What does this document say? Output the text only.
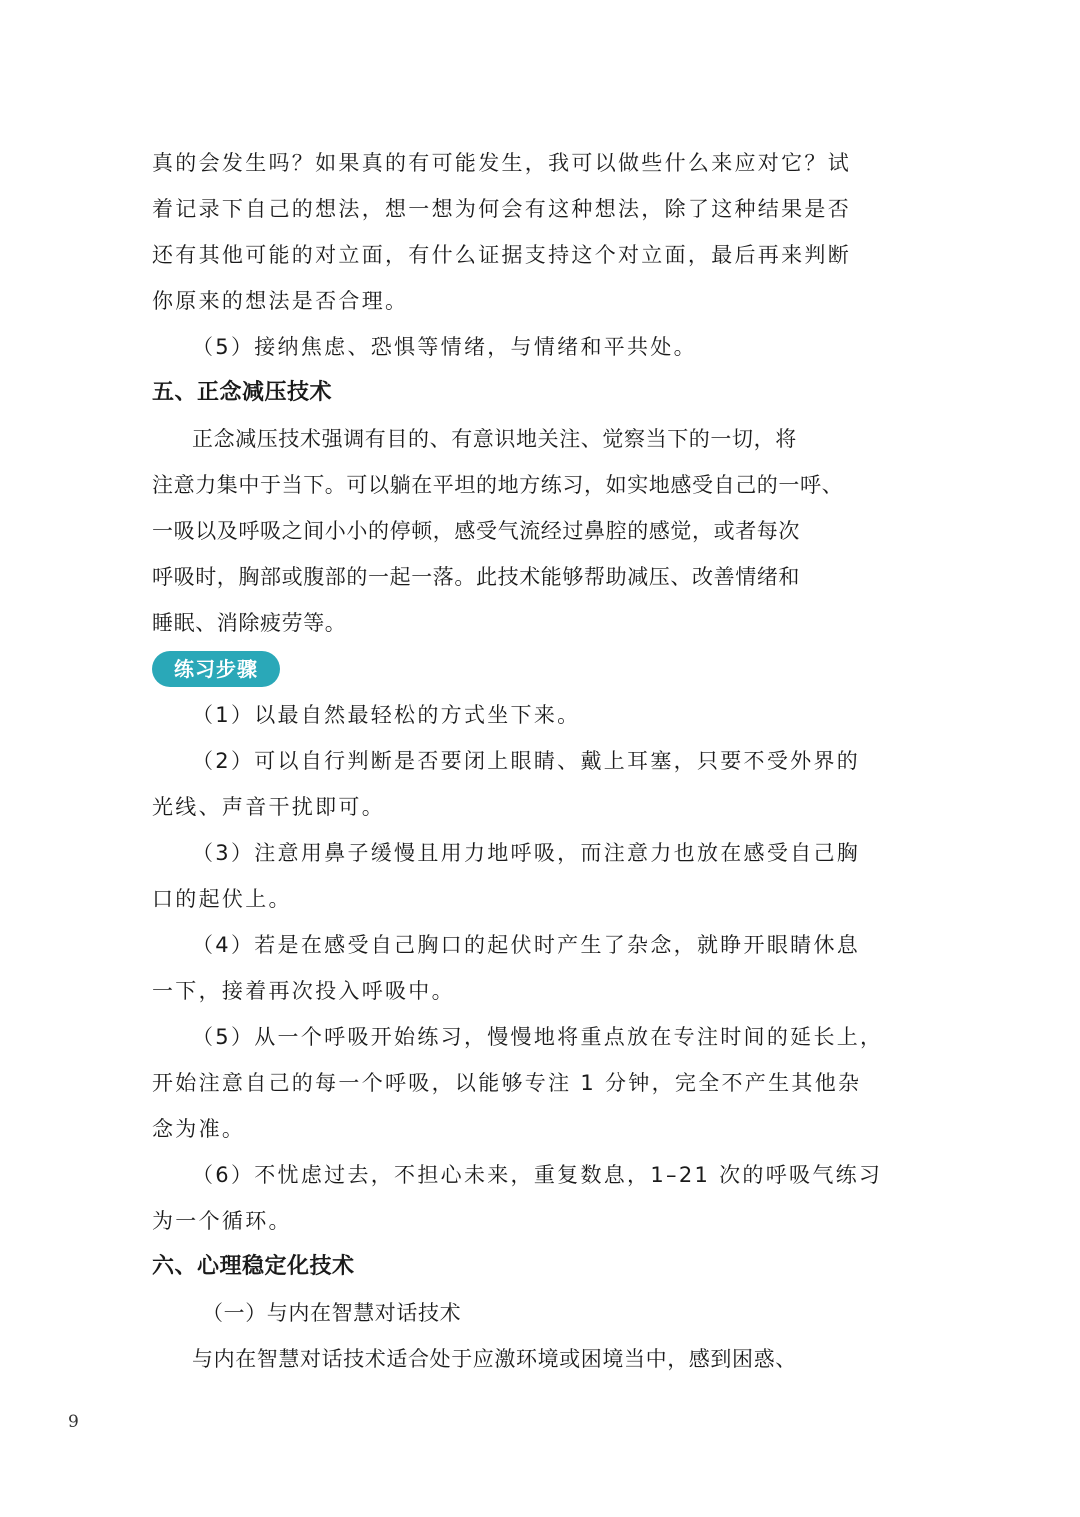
真的会发生吗？如果真的有可能发生，我可以做些什么来应对它？试
着记录下自己的想法，想一想为何会有这种想法，除了这种结果是否
还有其他可能的对立面，有什么证据支持这个对立面，最后再来判断
你原来的想法是否合理。
（5）接纳焦虑、恐惧等情绪，与情绪和平共处。
五、正念减压技术
正念减压技术强调有目的、有意识地关注、觉察当下的一切，将
注意力集中于当下。可以躺在平坦的地方练习，如实地感受自己的一呼、
一吸以及呼吸之间小小的停顿，感受气流经过鼻腔的感觉，或者每次
呼吸时，胸部或腹部的一起一落。此技术能够帮助减压、改善情绪和
睡眠、消除疲劳等。
练习步骤
（1）以最自然最轻松的方式坐下来。
（2）可以自行判断是否要闭上眼睛、戴上耳塞，只要不受外界的
光线、声音干扰即可。
（3）注意用鼻子缓慢且用力地呼吸，而注意力也放在感受自己胸
口的起伏上。
（4）若是在感受自己胸口的起伏时产生了杂念，就睁开眼睛休息
一下，接着再次投入呼吸中。
（5）从一个呼吸开始练习，慢慢地将重点放在专注时间的延长上，
开始注意自己的每一个呼吸，以能够专注 1 分钟，完全不产生其他杂
念为准。
（6）不忧虑过去，不担心未来，重复数息，1–21 次的呼吸气练习
为一个循环。
六、心理稳定化技术
（一）与内在智慧对话技术
与内在智慧对话技术适合处于应激环境或困境当中，感到困惑、
9
